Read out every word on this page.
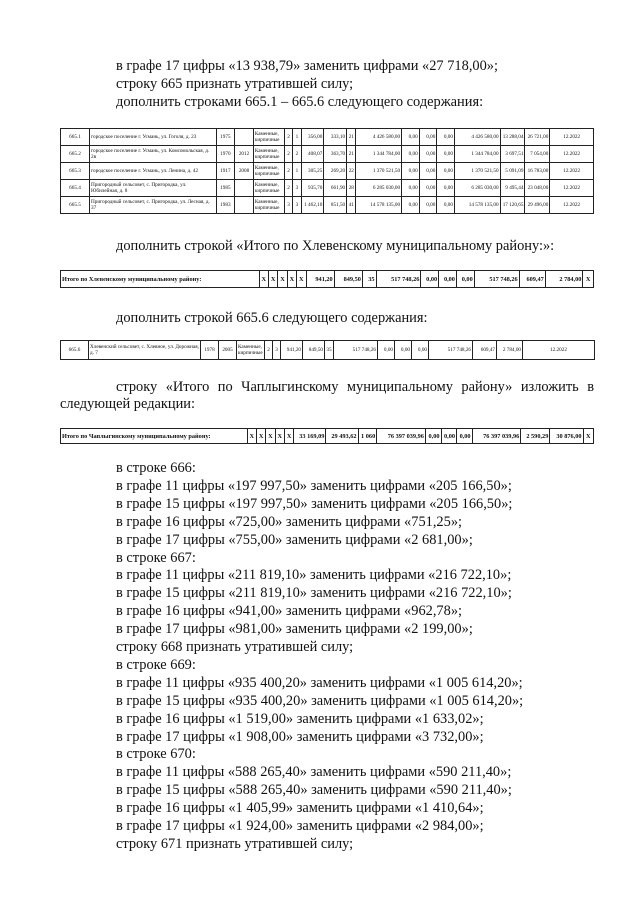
в графе 17 цифры «13 938,79» заменить цифрами «27 718,00»;
строку 665 признать утратившей силу;
дополнить строками 665.1 – 665.6 следующего содержания:
665.1	городское поселение г. Усмань, ул. Гоголя, д. 23	1975		Каменные, кирпичные	2	1	356,00	333,10	21	4 426 580,00	0,00	0,00	0,00	4 426 580,00	13 288,04	26 721,00	12.2022
665.2	городское поселение г. Усмань, ул. Комсомольская, д. 2в	1970	2012	Каменные, кирпичные	2	2	408,07	363,70	21	1 344 784,00	0,00	0,00	0,00	1 344 784,00	3 697,51	7 054,00	12.2022
665.3	городское поселение г. Усмань, ул. Ленина, д. 42	1917	2008	Каменные, кирпичные	2	1	305,25	269,20	22	1 370 521,50	0,00	0,00	0,00	1 370 521,50	5 091,09	16 783,00	12.2022
665.4	Пригородный сельсовет, с. Пригородка, ул. Юбилейная, д. 8	1985		Каменные, кирпичные	2	3	935,70	661,90	28	6 285 030,00	0,00	0,00	0,00	6 285 030,00	9 495,44	23 048,00	12.2022
665.5	Пригородный сельсовет, с. Пригородка, ул. Лесная, д. 37	1983		Каменные, кирпичные	3	3	1 462,10	851,50	41	14 578 135,00	0,00	0,00	0,00	14 578 135,00	17 120,65	29 496,00	12.2022
дополнить строкой «Итого по Хлевенскому муниципальному району:»:
Итого по Хлевенскому муниципальному району:	X	X	X	X	X	941,20	849,50	35	517 748,26	0,00	0,00	0,00	517 748,26	609,47	2 784,00	X
дополнить строкой 665.6 следующего содержания:
665.6	Хлевенский сельсовет, с. Хлевное, ул. Дорожная, д. 7	1978	2005	Каменные, кирпичные	2	3	941,20	849,50	35	517 748,26	0,00	0,00	0,00	517 748,26	609,47	2 784,00	12.2022
строку «Итого по Чаплыгинскому муниципальному району» изложить в
следующей редакции:
Итого по Чаплыгинскому муниципальному району:	X	X	X	X	X	33 169,09	29 493,62	1 060	76 397 039,96	0,00	0,00	0,00	76 397 039,96	2 590,29	30 876,00	X
в строке 666:
в графе 11 цифры «197 997,50» заменить цифрами «205 166,50»;
в графе 15 цифры «197 997,50» заменить цифрами «205 166,50»;
в графе 16 цифры «725,00» заменить цифрами «751,25»;
в графе 17 цифры «755,00» заменить цифрами «2 681,00»;
в строке 667:
в графе 11 цифры «211 819,10» заменить цифрами «216 722,10»;
в графе 15 цифры «211 819,10» заменить цифрами «216 722,10»;
в графе 16 цифры «941,00» заменить цифрами «962,78»;
в графе 17 цифры «981,00» заменить цифрами «2 199,00»;
строку 668 признать утратившей силу;
в строке 669:
в графе 11 цифры «935 400,20» заменить цифрами «1 005 614,20»;
в графе 15 цифры «935 400,20» заменить цифрами «1 005 614,20»;
в графе 16 цифры «1 519,00» заменить цифрами «1 633,02»;
в графе 17 цифры «1 908,00» заменить цифрами «3 732,00»;
в строке 670:
в графе 11 цифры «588 265,40» заменить цифрами «590 211,40»;
в графе 15 цифры «588 265,40» заменить цифрами «590 211,40»;
в графе 16 цифры «1 405,99» заменить цифрами «1 410,64»;
в графе 17 цифры «1 924,00» заменить цифрами «2 984,00»;
строку 671 признать утратившей силу;
